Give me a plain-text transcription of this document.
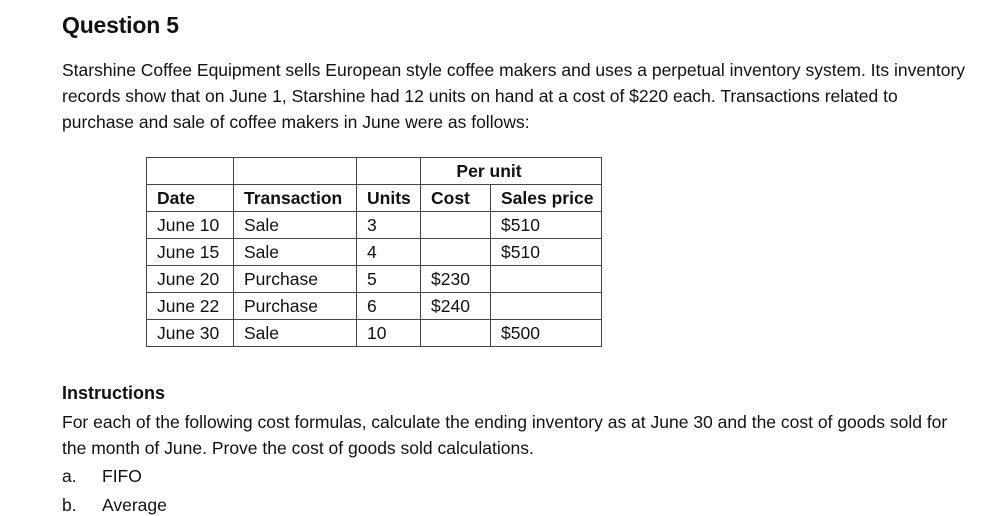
Question 5
Starshine Coffee Equipment sells European style coffee makers and uses a perpetual inventory system. Its inventory records show that on June 1, Starshine had 12 units on hand at a cost of $220 each. Transactions related to purchase and sale of coffee makers in June were as follows:
			Per unit	
Date	Transaction	Units	Cost	Sales price
June 10	Sale	3		$510
June 15	Sale	4		$510
June 20	Purchase	5	$230	
June 22	Purchase	6	$240	
June 30	Sale	10		$500
Instructions
For each of the following cost formulas, calculate the ending inventory as at June 30 and the cost of goods sold for the month of June. Prove the cost of goods sold calculations.
a. FIFO
b. Average
